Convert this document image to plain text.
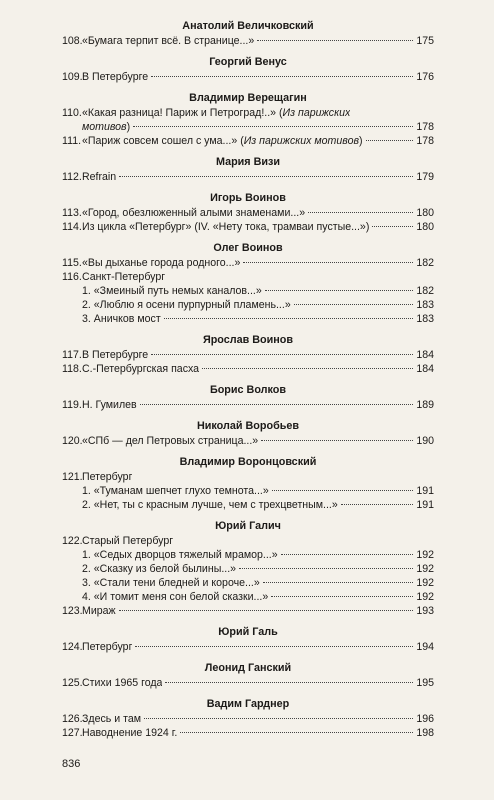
Анатолий Величковский
108. «Бумага терпит всё. В странице...»	175
Георгий Венус
109. В Петербурге	176
Владимир Верещагин
110. «Какая разница! Париж и Петроград!..» (Из парижских
мотивов)	178
111. «Париж совсем сошел с ума...» (Из парижских мотивов)	178
Мария Визи
112. Refrain	179
Игорь Воинов
113. «Город, обезлюженный алыми знаменами...»	180
114. Из цикла «Петербург» (IV. «Нету тока, трамваи пустые...»)	180
Олег Воинов
115. «Вы дыханье города родного...»	182
116. Санкт-Петербург
1. «Змеиный путь немых каналов...»	182
2. «Люблю я осени пурпурный пламень...»	183
3. Аничков мост	183
Ярослав Воинов
117. В Петербурге	184
118. С.-Петербургская пасха	184
Борис Волков
119. Н. Гумилев	189
Николай Воробьев
120. «СПб — дел Петровых страница...»	190
Владимир Воронцовский
121. Петербург
1. «Туманам шепчет глухо темнота...»	191
2. «Нет, ты с красным лучше, чем с трехцветным...»	191
Юрий Галич
122. Старый Петербург
1. «Седых дворцов тяжелый мрамор...»	192
2. «Сказку из белой былины...»	192
3. «Стали тени бледней и короче...»	192
4. «И томит меня сон белой сказки...»	192
123. Мираж	193
Юрий Галь
124. Петербург	194
Леонид Ганский
125. Стихи 1965 года	195
Вадим Гарднер
126. Здесь и там	196
127. Наводнение 1924 г.	198
836
